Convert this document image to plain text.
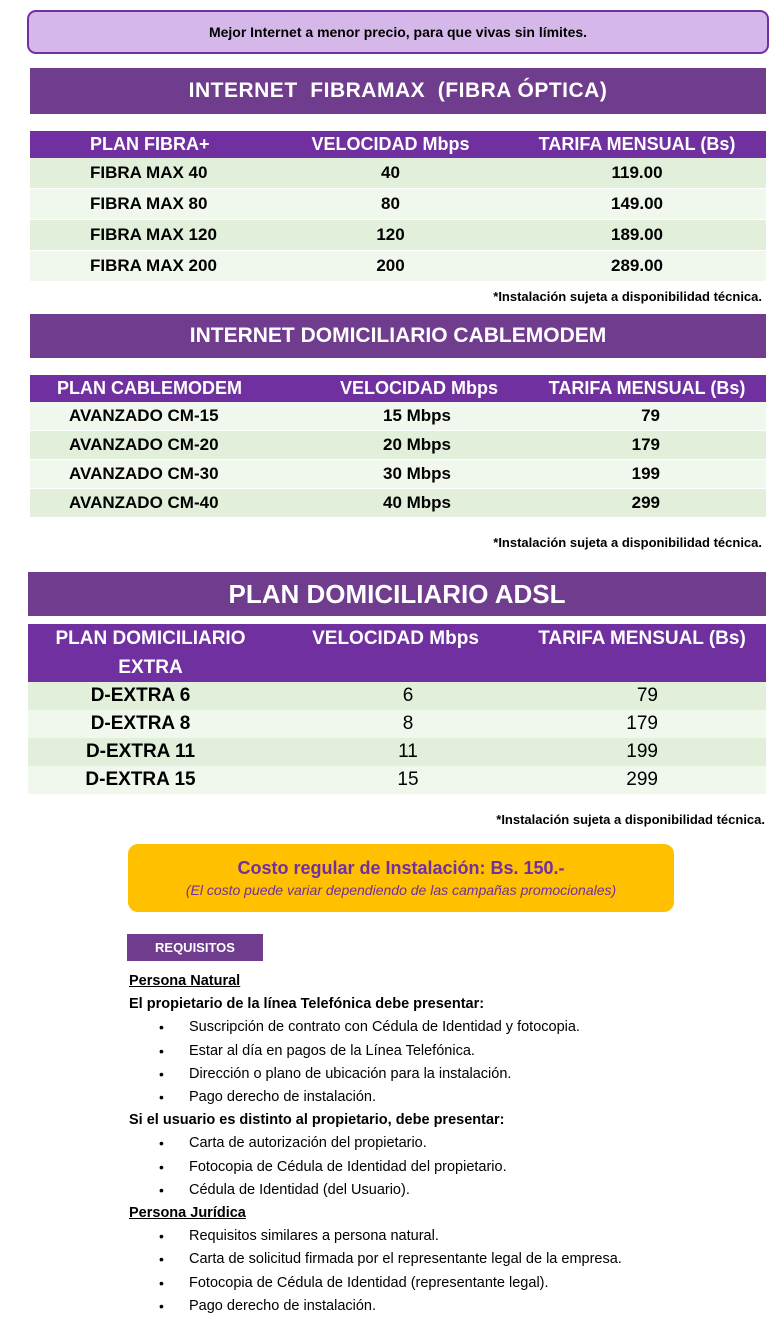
Mejor Internet a menor precio, para que vivas sin límites.
INTERNET  FIBRAMAX  (FIBRA ÓPTICA)
PLAN FIBRA+	VELOCIDAD Mbps	TARIFA MENSUAL (Bs)
FIBRA MAX 40	40	119.00
FIBRA MAX 80	80	149.00
FIBRA MAX 120	120	189.00
FIBRA MAX 200	200	289.00
*Instalación sujeta a disponibilidad técnica.
INTERNET DOMICILIARIO CABLEMODEM
PLAN CABLEMODEM	VELOCIDAD Mbps	TARIFA MENSUAL (Bs)
AVANZADO CM-15	15 Mbps	79
AVANZADO CM-20	20 Mbps	179
AVANZADO CM-30	30 Mbps	199
AVANZADO CM-40	40 Mbps	299
*Instalación sujeta a disponibilidad técnica.
PLAN DOMICILIARIO ADSL
PLAN DOMICILIARIO EXTRA	VELOCIDAD Mbps	TARIFA MENSUAL (Bs)
D-EXTRA 6	6	79
D-EXTRA 8	8	179
D-EXTRA 11	11	199
D-EXTRA 15	15	299
*Instalación sujeta a disponibilidad técnica.
Costo regular de Instalación: Bs. 150.-
(El costo puede variar dependiendo de las campañas promocionales)
REQUISITOS
Persona Natural
El propietario de la línea Telefónica debe presentar:
• Suscripción de contrato con Cédula de Identidad y fotocopia.
• Estar al día en pagos de la Línea Telefónica.
• Dirección o plano de ubicación para la instalación.
• Pago derecho de instalación.
Si el usuario es distinto al propietario, debe presentar:
• Carta de autorización del propietario.
• Fotocopia de Cédula de Identidad del propietario.
• Cédula de Identidad (del Usuario).
Persona Jurídica
• Requisitos similares a persona natural.
• Carta de solicitud firmada por el representante legal de la empresa.
• Fotocopia de Cédula de Identidad (representante legal).
• Pago derecho de instalación.
